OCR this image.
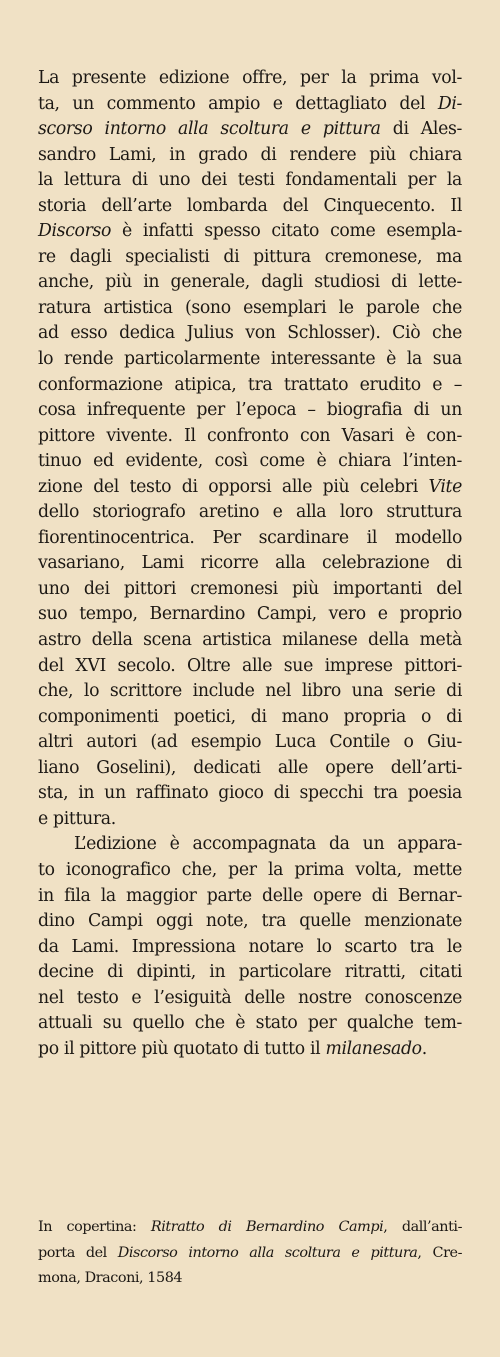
La presente edizione offre, per la prima vol-
ta, un commento ampio e dettagliato del Di-
scorso intorno alla scoltura e pittura di Ales-
sandro Lami, in grado di rendere più chiara
la lettura di uno dei testi fondamentali per la
storia dell’arte lombarda del Cinquecento. Il
Discorso è infatti spesso citato come esempla-
re dagli specialisti di pittura cremonese, ma
anche, più in generale, dagli studiosi di lette-
ratura artistica (sono esemplari le parole che
ad esso dedica Julius von Schlosser). Ciò che
lo rende particolarmente interessante è la sua
conformazione atipica, tra trattato erudito e –
cosa infrequente per l’epoca – biografia di un
pittore vivente. Il confronto con Vasari è con-
tinuo ed evidente, così come è chiara l’inten-
zione del testo di opporsi alle più celebri Vite
dello storiografo aretino e alla loro struttura
fiorentinocentrica. Per scardinare il modello
vasariano, Lami ricorre alla celebrazione di
uno dei pittori cremonesi più importanti del
suo tempo, Bernardino Campi, vero e proprio
astro della scena artistica milanese della metà
del XVI secolo. Oltre alle sue imprese pittori-
che, lo scrittore include nel libro una serie di
componimenti poetici, di mano propria o di
altri autori (ad esempio Luca Contile o Giu-
liano Goselini), dedicati alle opere dell’arti-
sta, in un raffinato gioco di specchi tra poesia
e pittura.
L’edizione è accompagnata da un appara-
to iconografico che, per la prima volta, mette
in fila la maggior parte delle opere di Bernar-
dino Campi oggi note, tra quelle menzionate
da Lami. Impressiona notare lo scarto tra le
decine di dipinti, in particolare ritratti, citati
nel testo e l’esiguità delle nostre conoscenze
attuali su quello che è stato per qualche tem-
po il pittore più quotato di tutto il milanesado.
In copertina: Ritratto di Bernardino Campi, dall’anti-
porta del Discorso intorno alla scoltura e pittura, Cre-
mona, Draconi, 1584
